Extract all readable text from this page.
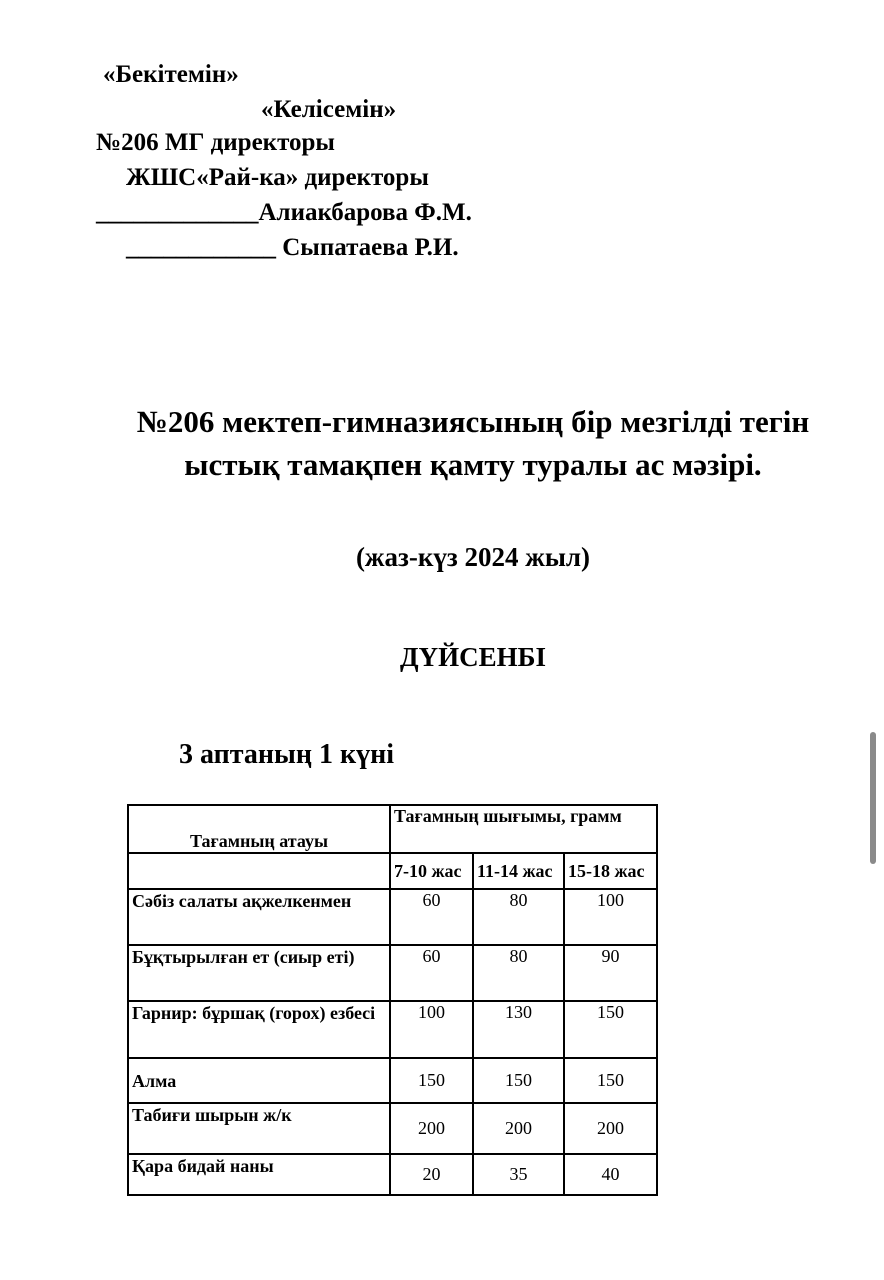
«Бекітемін»
«Келісемін»
№206 МГ директоры
ЖШС«Рай-ка» директоры
_____________Алиакбарова Ф.М.
____________ Сыпатаева Р.И.
№206 мектеп-гимназиясының бір мезгілді тегін ыстық тамақпен қамту туралы ас мәзірі.
(жаз-күз 2024 жыл)
ДҮЙСЕНБІ
3 аптаның 1 күні
Тағамның атауы	Тағамның шығымы, грамм		
	7-10 жас	11-14 жас	15-18 жас
Сәбіз салаты ақжелкенмен	60	80	100
Бұқтырылған ет (сиыр еті)	60	80	90
Гарнир: бұршақ (горох) езбесі	100	130	150
Алма	150	150	150
Табиғи шырын ж/к	200	200	200
Қара бидай наны	20	35	40
